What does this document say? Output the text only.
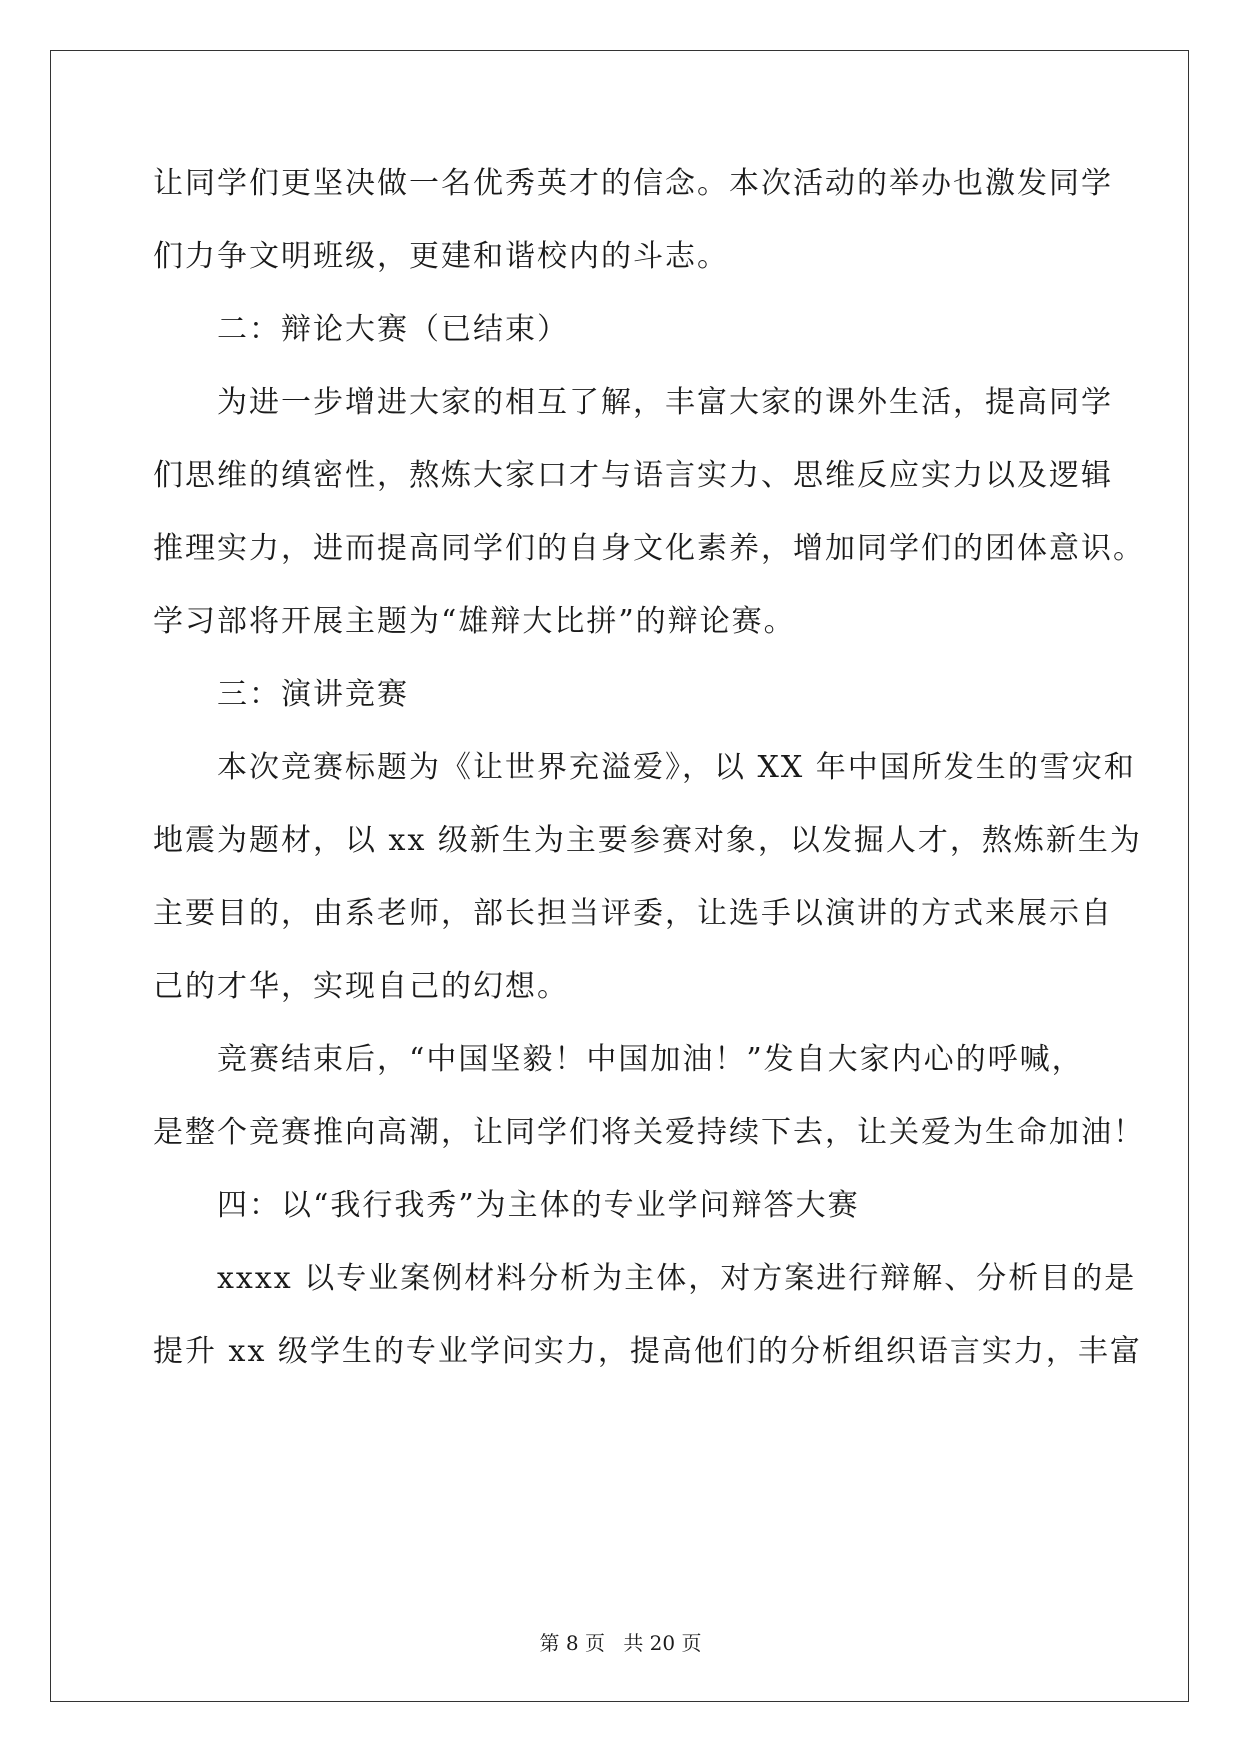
让同学们更坚决做一名优秀英才的信念。本次活动的举办也激发同学
们力争文明班级，更建和谐校内的斗志。
　　二：辩论大赛（已结束）
　　为进一步增进大家的相互了解，丰富大家的课外生活，提高同学
们思维的缜密性，熬炼大家口才与语言实力、思维反应实力以及逻辑
推理实力，进而提高同学们的自身文化素养，增加同学们的团体意识。
学习部将开展主题为“雄辩大比拼”的辩论赛。
　　三：演讲竞赛
　　本次竞赛标题为《让世界充溢爱》，以 XX 年中国所发生的雪灾和
地震为题材，以 xx 级新生为主要参赛对象，以发掘人才，熬炼新生为
主要目的，由系老师，部长担当评委，让选手以演讲的方式来展示自
己的才华，实现自己的幻想。
　　竞赛结束后，“中国坚毅！中国加油！”发自大家内心的呼喊，
是整个竞赛推向高潮，让同学们将关爱持续下去，让关爱为生命加油！
　　四：以“我行我秀”为主体的专业学问辩答大赛
　　xxxx 以专业案例材料分析为主体，对方案进行辩解、分析目的是
提升 xx 级学生的专业学问实力，提高他们的分析组织语言实力，丰富
第 8 页 共 20 页
